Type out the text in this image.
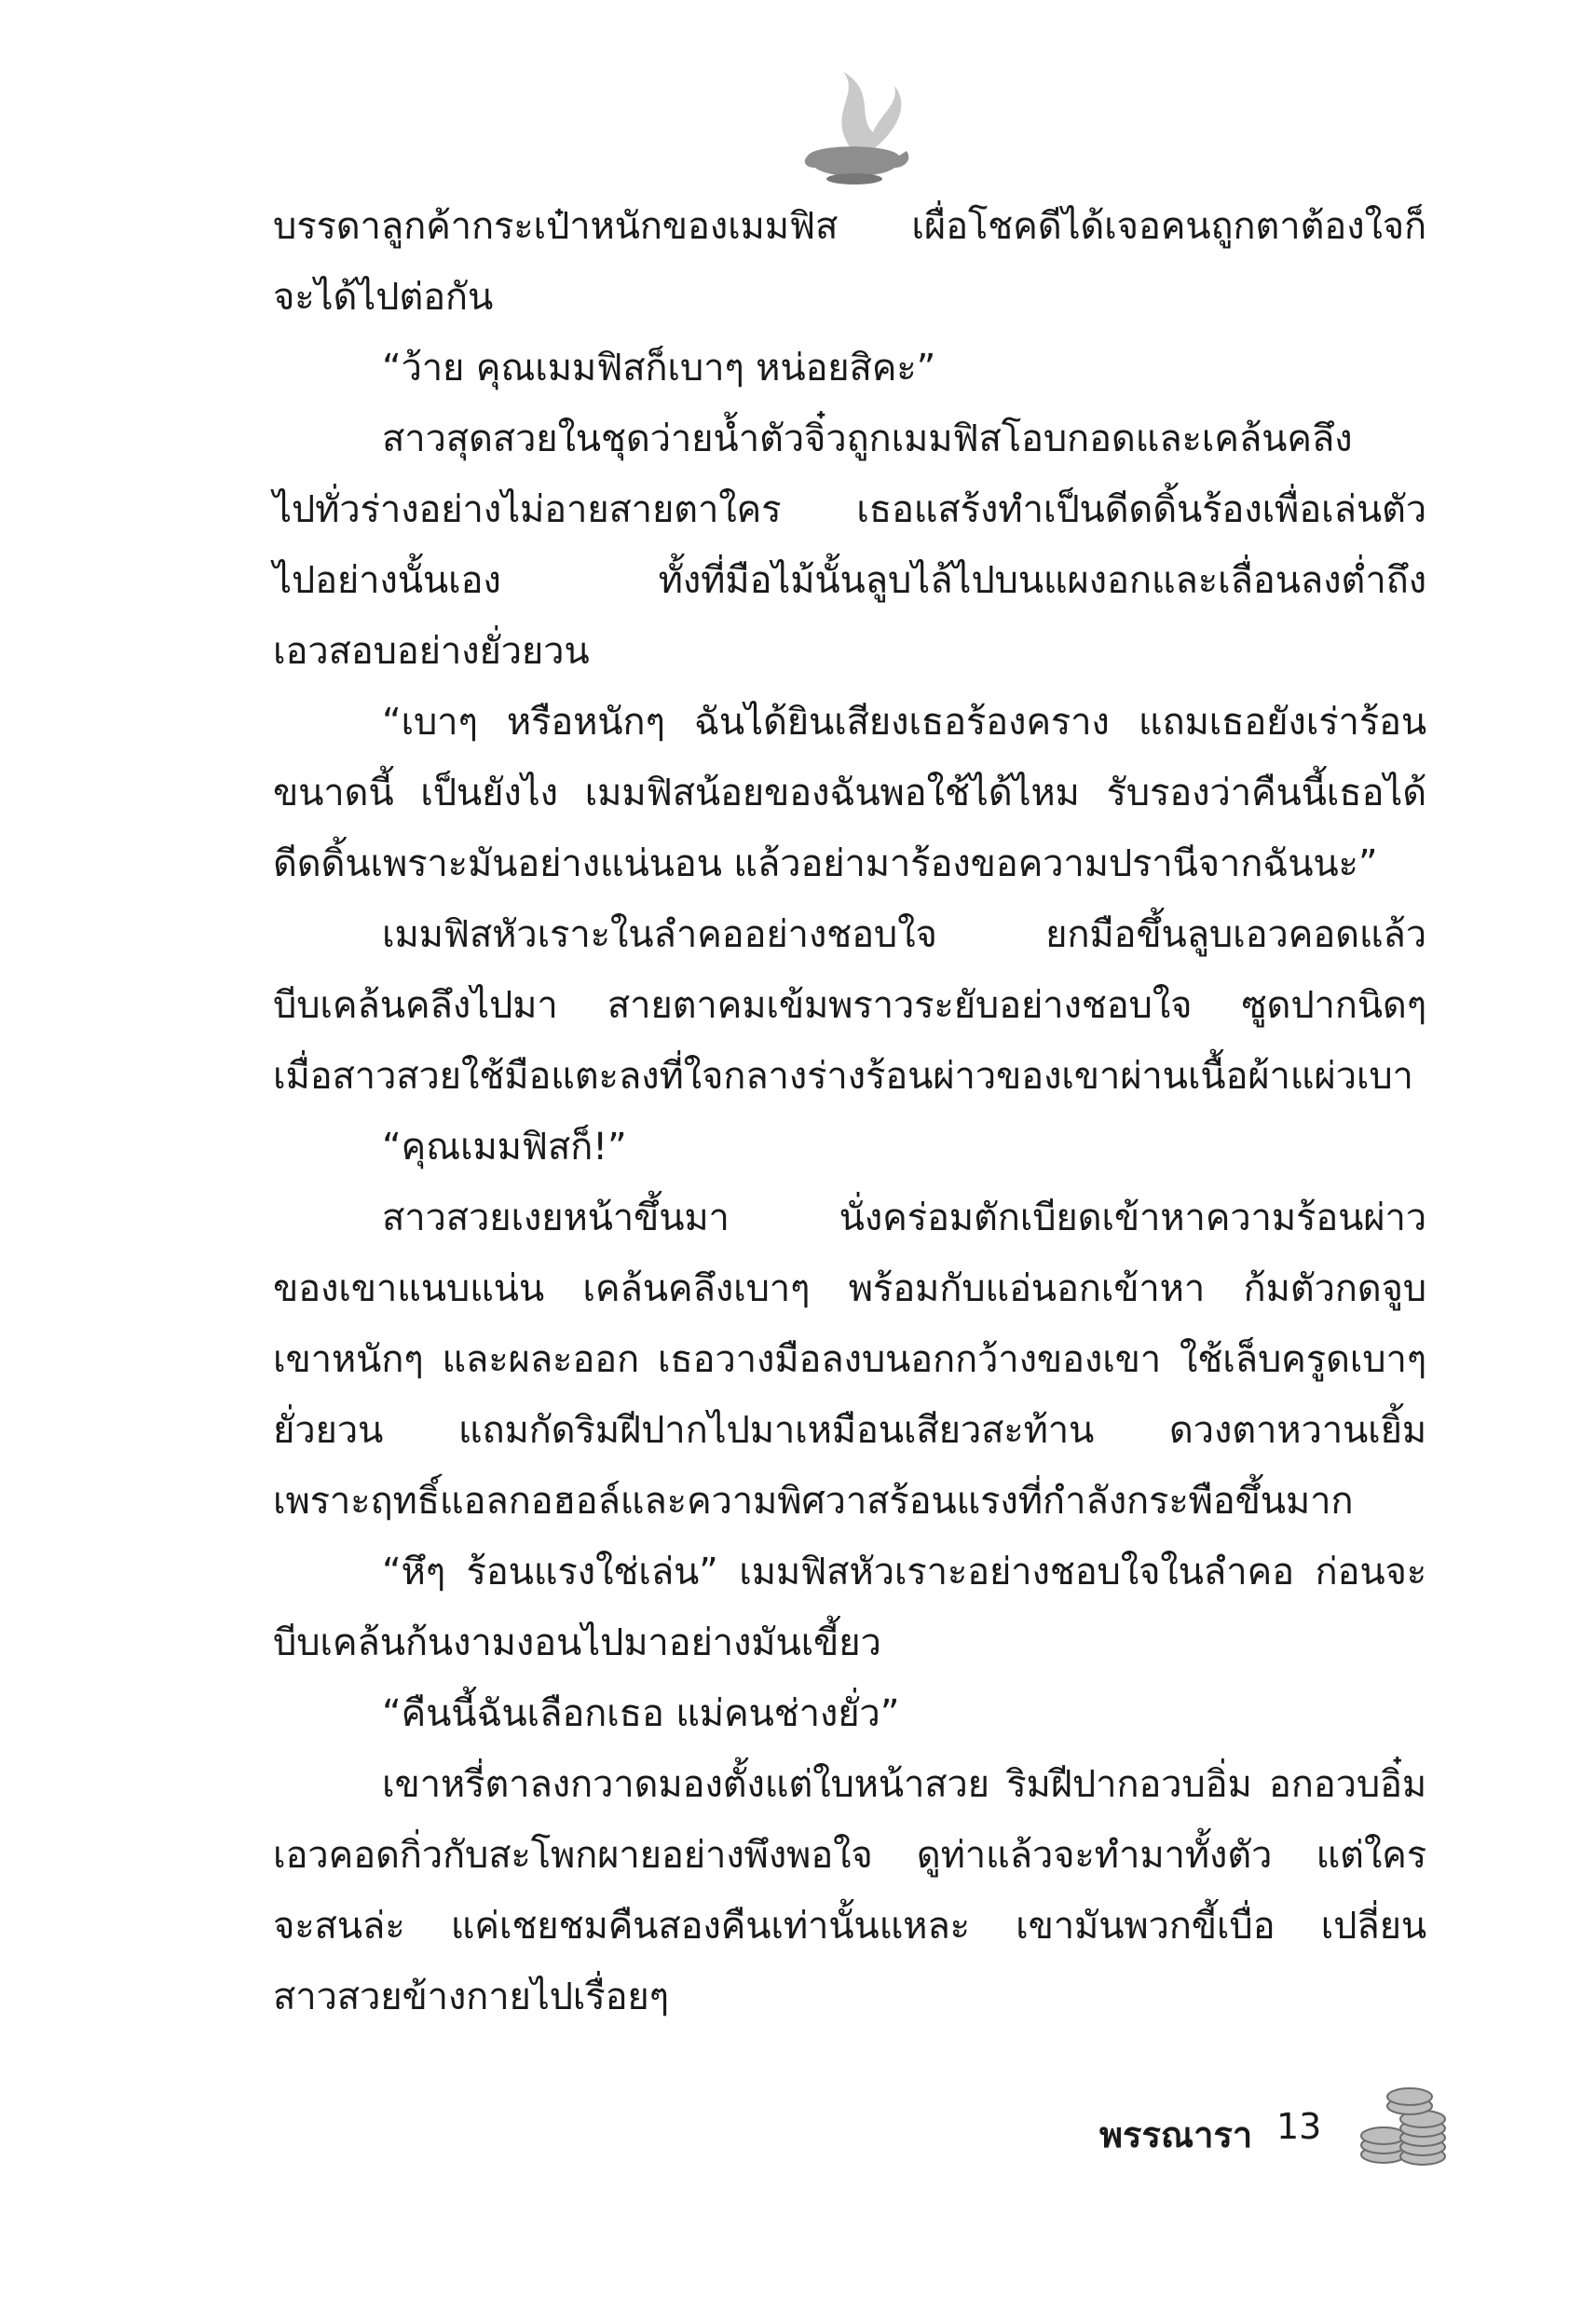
บรรดาลูกค้ากระเป๋าหนักของเมมฟิส เผื่อโชคดีได้เจอคนถูกตาต้องใจก็
จะได้ไปต่อกัน
“ว้าย คุณเมมฟิสก็เบาๆ หน่อยสิคะ”
สาวสุดสวยในชุดว่ายน้ำตัวจิ๋วถูกเมมฟิสโอบกอดและเคล้นคลึง
ไปทั่วร่างอย่างไม่อายสายตาใคร เธอแสร้งทำเป็นดีดดิ้นร้องเพื่อเล่นตัว
ไปอย่างนั้นเอง ทั้งที่มือไม้นั้นลูบไล้ไปบนแผงอกและเลื่อนลงต่ำถึง
เอวสอบอย่างยั่วยวน
“เบาๆ หรือหนักๆ ฉันได้ยินเสียงเธอร้องคราง แถมเธอยังเร่าร้อน
ขนาดนี้ เป็นยังไง เมมฟิสน้อยของฉันพอใช้ได้ไหม รับรองว่าคืนนี้เธอได้
ดีดดิ้นเพราะมันอย่างแน่นอน แล้วอย่ามาร้องขอความปรานีจากฉันนะ”
เมมฟิสหัวเราะในลำคออย่างชอบใจ ยกมือขึ้นลูบเอวคอดแล้ว
บีบเคล้นคลึงไปมา สายตาคมเข้มพราวระยับอย่างชอบใจ ซูดปากนิดๆ
เมื่อสาวสวยใช้มือแตะลงที่ใจกลางร่างร้อนผ่าวของเขาผ่านเนื้อผ้าแผ่วเบา
“คุณเมมฟิสก็!”
สาวสวยเงยหน้าขึ้นมา นั่งคร่อมตักเบียดเข้าหาความร้อนผ่าว
ของเขาแนบแน่น เคล้นคลึงเบาๆ พร้อมกับแอ่นอกเข้าหา ก้มตัวกดจูบ
เขาหนักๆ และผละออก เธอวางมือลงบนอกกว้างของเขา ใช้เล็บครูดเบาๆ
ยั่วยวน แถมกัดริมฝีปากไปมาเหมือนเสียวสะท้าน ดวงตาหวานเยิ้ม
เพราะฤทธิ์แอลกอฮอล์และความพิศวาสร้อนแรงที่กำลังกระพือขึ้นมาก
“หึๆ ร้อนแรงใช่เล่น” เมมฟิสหัวเราะอย่างชอบใจในลำคอ ก่อนจะ
บีบเคล้นก้นงามงอนไปมาอย่างมันเขี้ยว
“คืนนี้ฉันเลือกเธอ แม่คนช่างยั่ว”
เขาหรี่ตาลงกวาดมองตั้งแต่ใบหน้าสวย ริมฝีปากอวบอิ่ม อกอวบอิ๋ม
เอวคอดกิ่วกับสะโพกผายอย่างพึงพอใจ ดูท่าแล้วจะทำมาทั้งตัว แต่ใคร
จะสนล่ะ แค่เชยชมคืนสองคืนเท่านั้นแหละ เขามันพวกขี้เบื่อ เปลี่ยน
สาวสวยข้างกายไปเรื่อยๆ
พรรณารา 13
